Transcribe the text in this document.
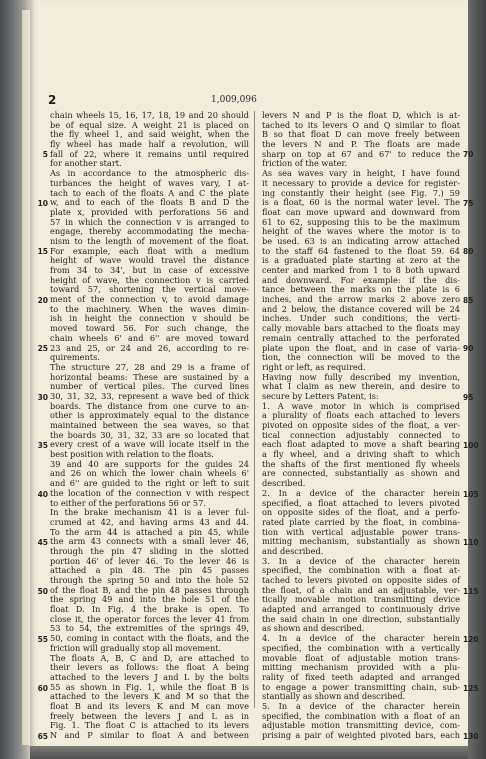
2	1,009,096
chain wheels 15, 16, 17, 18, 19 and 20 should
be of equal size. A weight 21 is placed on
the fly wheel 1, and said weight, when the
fly wheel has made half a revolution, will
fall of 22, where it remains until required
for another start.
As in accordance to the atmospheric dis-
turbances the height of waves vary, I at-
tach to each of the floats A and C the plate
w, and to each of the floats B and D the
plate x, provided with perforations 56 and
57 in which the connection v is arranged to
engage, thereby accommodating the mecha-
nism to the length of movement of the float.
For example, each float with a medium
height of wave would travel the distance
from 34 to 34', but in case of excessive
height of wave, the connection v is carried
toward 57, shortening the vertical move-
ment of the connection v, to avoid damage
to the machinery. When the waves dimin-
ish in height the connection v should be
moved toward 56. For such change, the
chain wheels 6' and 6'' are moved toward
23 and 25, or 24 and 26, according to re-
quirements.
The structure 27, 28 and 29 is a frame of
horizontal beams: These are sustained by a
number of vertical piles. The curved lines
30, 31, 32, 33, represent a wave bed of thick
boards. The distance from one curve to an-
other is approximately equal to the distance
maintained between the sea waves, so that
the boards 30, 31, 32, 33 are so located that
every crest of a wave will locate itself in the
best position with relation to the floats.
39 and 40 are supports for the guides 24
and 26 on which the lower chain wheels 6'
and 6'' are guided to the right or left to suit
the location of the connection v with respect
to either of the perforations 56 or 57.
In the brake mechanism 41 is a lever ful-
crumed at 42, and having arms 43 and 44.
To the arm 44 is attached a pin 45, while
the arm 43 connects with a small lever 46,
through the pin 47 sliding in the slotted
portion 46' of lever 46. To the lever 46 is
attached a pin 48. The pin 45 passes
through the spring 50 and into the hole 52
of the float B, and the pin 48 passes through
the spring 49 and into the hole 51 of the
float D. In Fig. 4 the brake is open. To
close it, the operator forces the lever 41 from
53 to 54, the extremities of the springs 49,
50, coming in contact with the floats, and the
friction will gradually stop all movement.
The floats A, B, C and D, are attached to
their levers as follows: the float A being
attached to the levers J and L by the bolts
55 as shown in Fig. 1, while the float B is
attached to the levers K and M so that the
float B and its levers K and M can move
freely between the levers J and L as in
Fig. 1. The float C is attached to its levers
N and P similar to float A and between
levers N and P is the float D, which is at-
tached to its levers O and Q similar to float
B so that float D can move freely between
the levers N and P. The floats are made
sharp on top at 67 and 67' to reduce the
friction of the water.
As sea waves vary in height, I have found
it necessary to provide a device for register-
ing constantly their height (see Fig. 7.) 59
is a float, 60 is the normal water level. The
float can move upward and downward from
61 to 62, supposing this to be the maximum
height of the waves where the motor is to
be used. 63 is an indicating arrow attached
to the staff 64 fastened to the float 59. 64
is a graduated plate starting at zero at the
center and marked from 1 to 8 both upward
and downward. For example: if the dis-
tance between the marks on the plate is 6
inches, and the arrow marks 2 above zero
and 2 below, the distance covered will be 24
inches. Under such conditions, the verti-
cally movable bars attached to the floats may
remain centrally attached to the perforated
plate upon the float, and in case of varia-
tion, the connection will be moved to the
right or left, as required.
Having now fully described my invention,
what I claim as new therein, and desire to
secure by Letters Patent, is:
1. A wave motor in which is comprised
a plurality of floats each attached to levers
pivoted on opposite sides of the float, a ver-
tical connection adjustably connected to
each float adapted to move a shaft bearing
a fly wheel, and a driving shaft to which
the shafts of the first mentioned fly wheels
are connected, substantially as shown and
described.
2. In a device of the character herein
specified, a float attached to levers pivoted
on opposite sides of the float, and a perfo-
rated plate carried by the float, in combina-
tion with vertical adjustable power trans-
mitting mechanism, substantially as shown
and described.
3. In a device of the character herein
specified, the combination with a float at-
tached to levers pivoted on opposite sides of
the float, of a chain and an adjustable, ver-
tically movable motion transmitting device
adapted and arranged to continuously drive
the said chain in one direction, substantially
as shown and described.
4. In a device of the character herein
specified, the combination with a vertically
movable float of adjustable motion trans-
mitting mechanism provided with a plu-
rality of fixed teeth adapted and arranged
to engage a power transmitting chain, sub-
stantially as shown and described.
5. In a device of the character herein
specified, the combination with a float of an
adjustable motion transmitting device, com-
prising a pair of weighted pivoted bars, each
5
10
15
20
25
30
35
40
45
50
55
60
65
70
75
80
85
90
95
100
105
110
115
120
125
130
